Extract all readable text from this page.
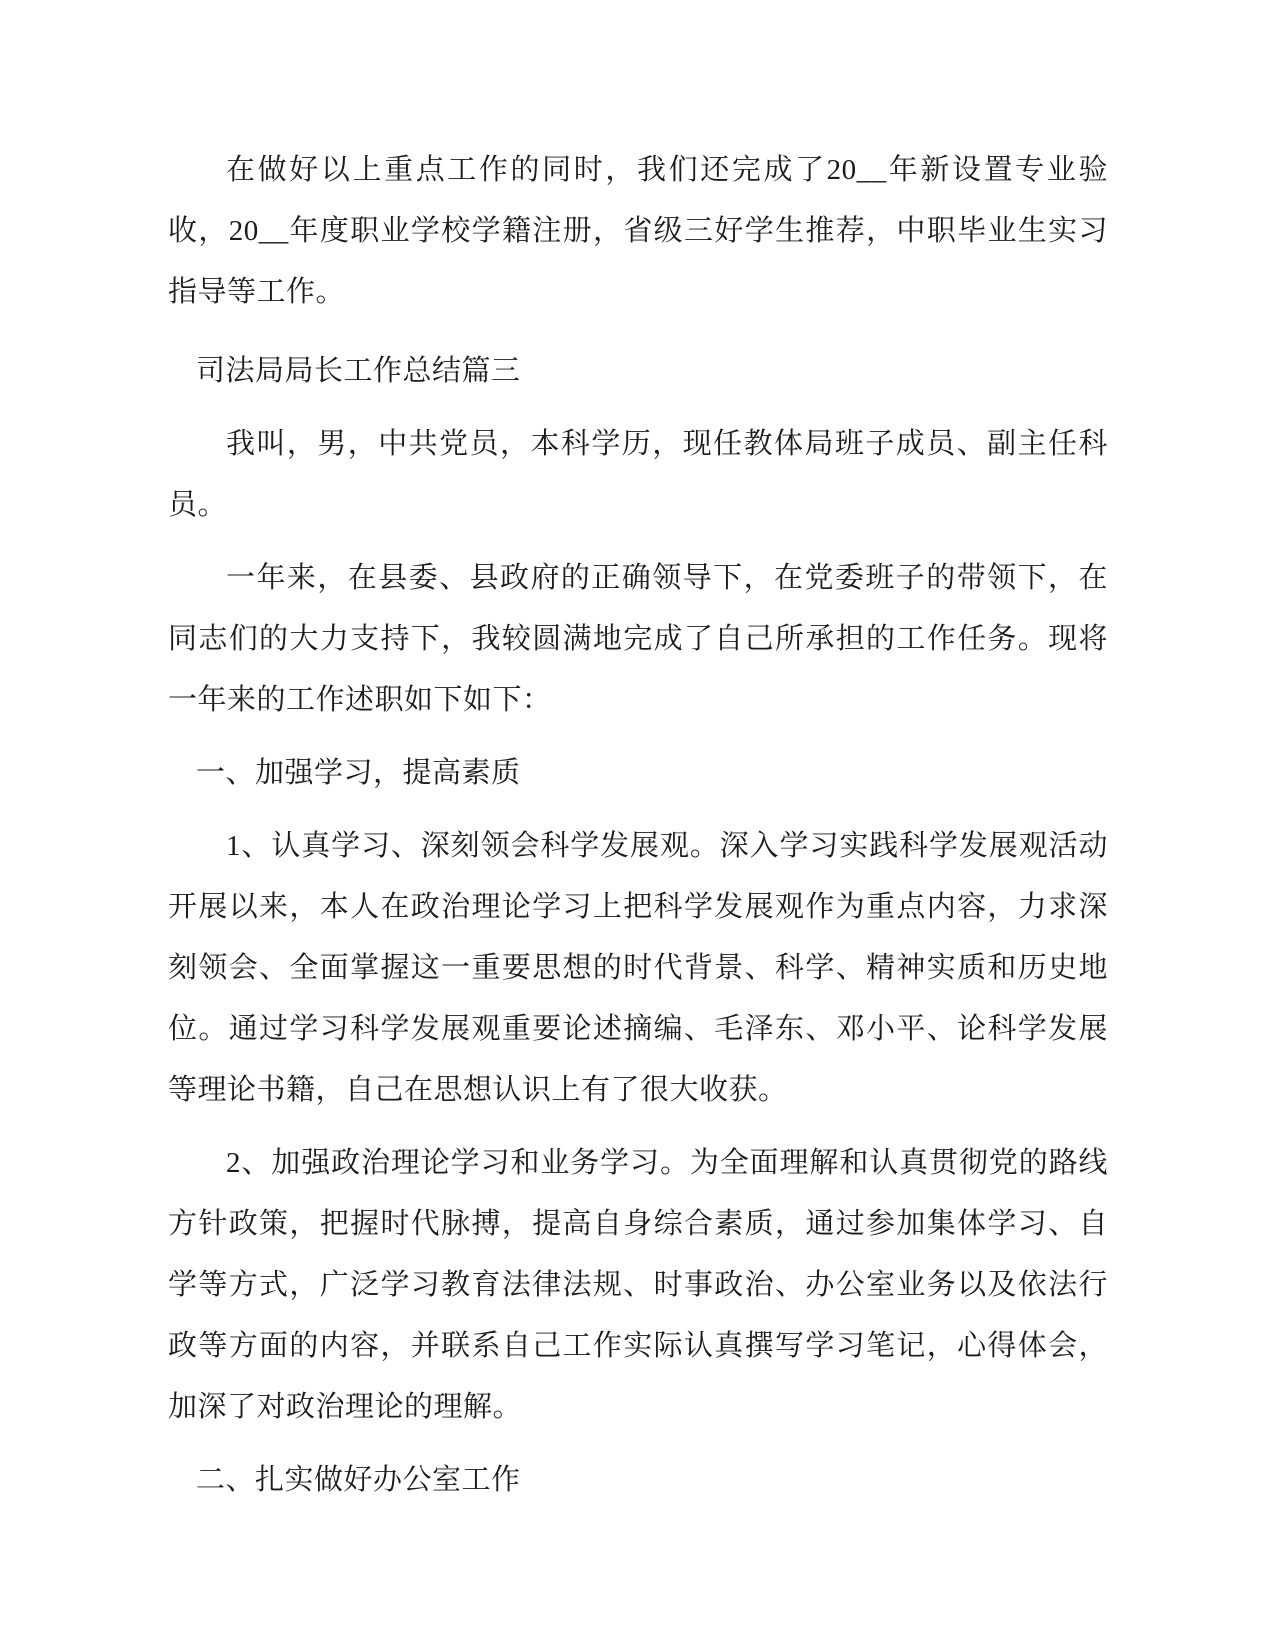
在做好以上重点工作的同时，我们还完成了20__年新设置专业验收，20__年度职业学校学籍注册，省级三好学生推荐，中职毕业生实习指导等工作。

司法局局长工作总结篇三

我叫，男，中共党员，本科学历，现任教体局班子成员、副主任科员。

一年来，在县委、县政府的正确领导下，在党委班子的带领下，在同志们的大力支持下，我较圆满地完成了自己所承担的工作任务。现将一年来的工作述职如下如下：

一、加强学习，提高素质

1、认真学习、深刻领会科学发展观。深入学习实践科学发展观活动开展以来，本人在政治理论学习上把科学发展观作为重点内容，力求深刻领会、全面掌握这一重要思想的时代背景、科学、精神实质和历史地位。通过学习科学发展观重要论述摘编、毛泽东、邓小平、论科学发展等理论书籍，自己在思想认识上有了很大收获。

2、加强政治理论学习和业务学习。为全面理解和认真贯彻党的路线方针政策，把握时代脉搏，提高自身综合素质，通过参加集体学习、自学等方式，广泛学习教育法律法规、时事政治、办公室业务以及依法行政等方面的内容，并联系自己工作实际认真撰写学习笔记，心得体会，加深了对政治理论的理解。

二、扎实做好办公室工作
